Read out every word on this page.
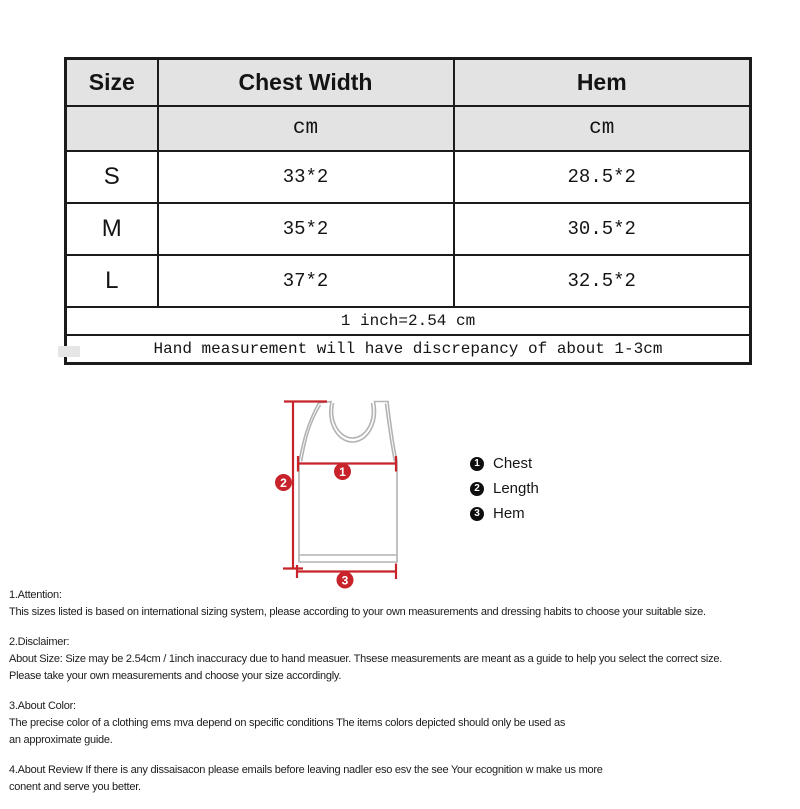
Size	Chest Width	Hem
	cm	cm
S	33*2	28.5*2
M	35*2	30.5*2
L	37*2	32.5*2
1 inch=2.54 cm		
Hand measurement will have discrepancy of about 1-3cm		
1
2
3
1 Chest
2 Length
3 Hem
1.Attention:
This sizes listed is based on international sizing system, please according to your own measurements and dressing habits to choose your suitable size.
2.Disclaimer:
About Size: Size may be 2.54cm / 1inch inaccuracy due to hand measuer. Thsese measurements are meant as a guide to help you select the correct size.
Please take your own measurements and choose your size accordingly.
3.About Color:
The precise color of a clothing ems mva depend on specific conditions The items colors depicted should only be used as
an approximate guide.
4.About Review If there is any dissaisacon please emails before leaving nadler eso esv the see Your ecognition w make us more
conent and serve you better.
